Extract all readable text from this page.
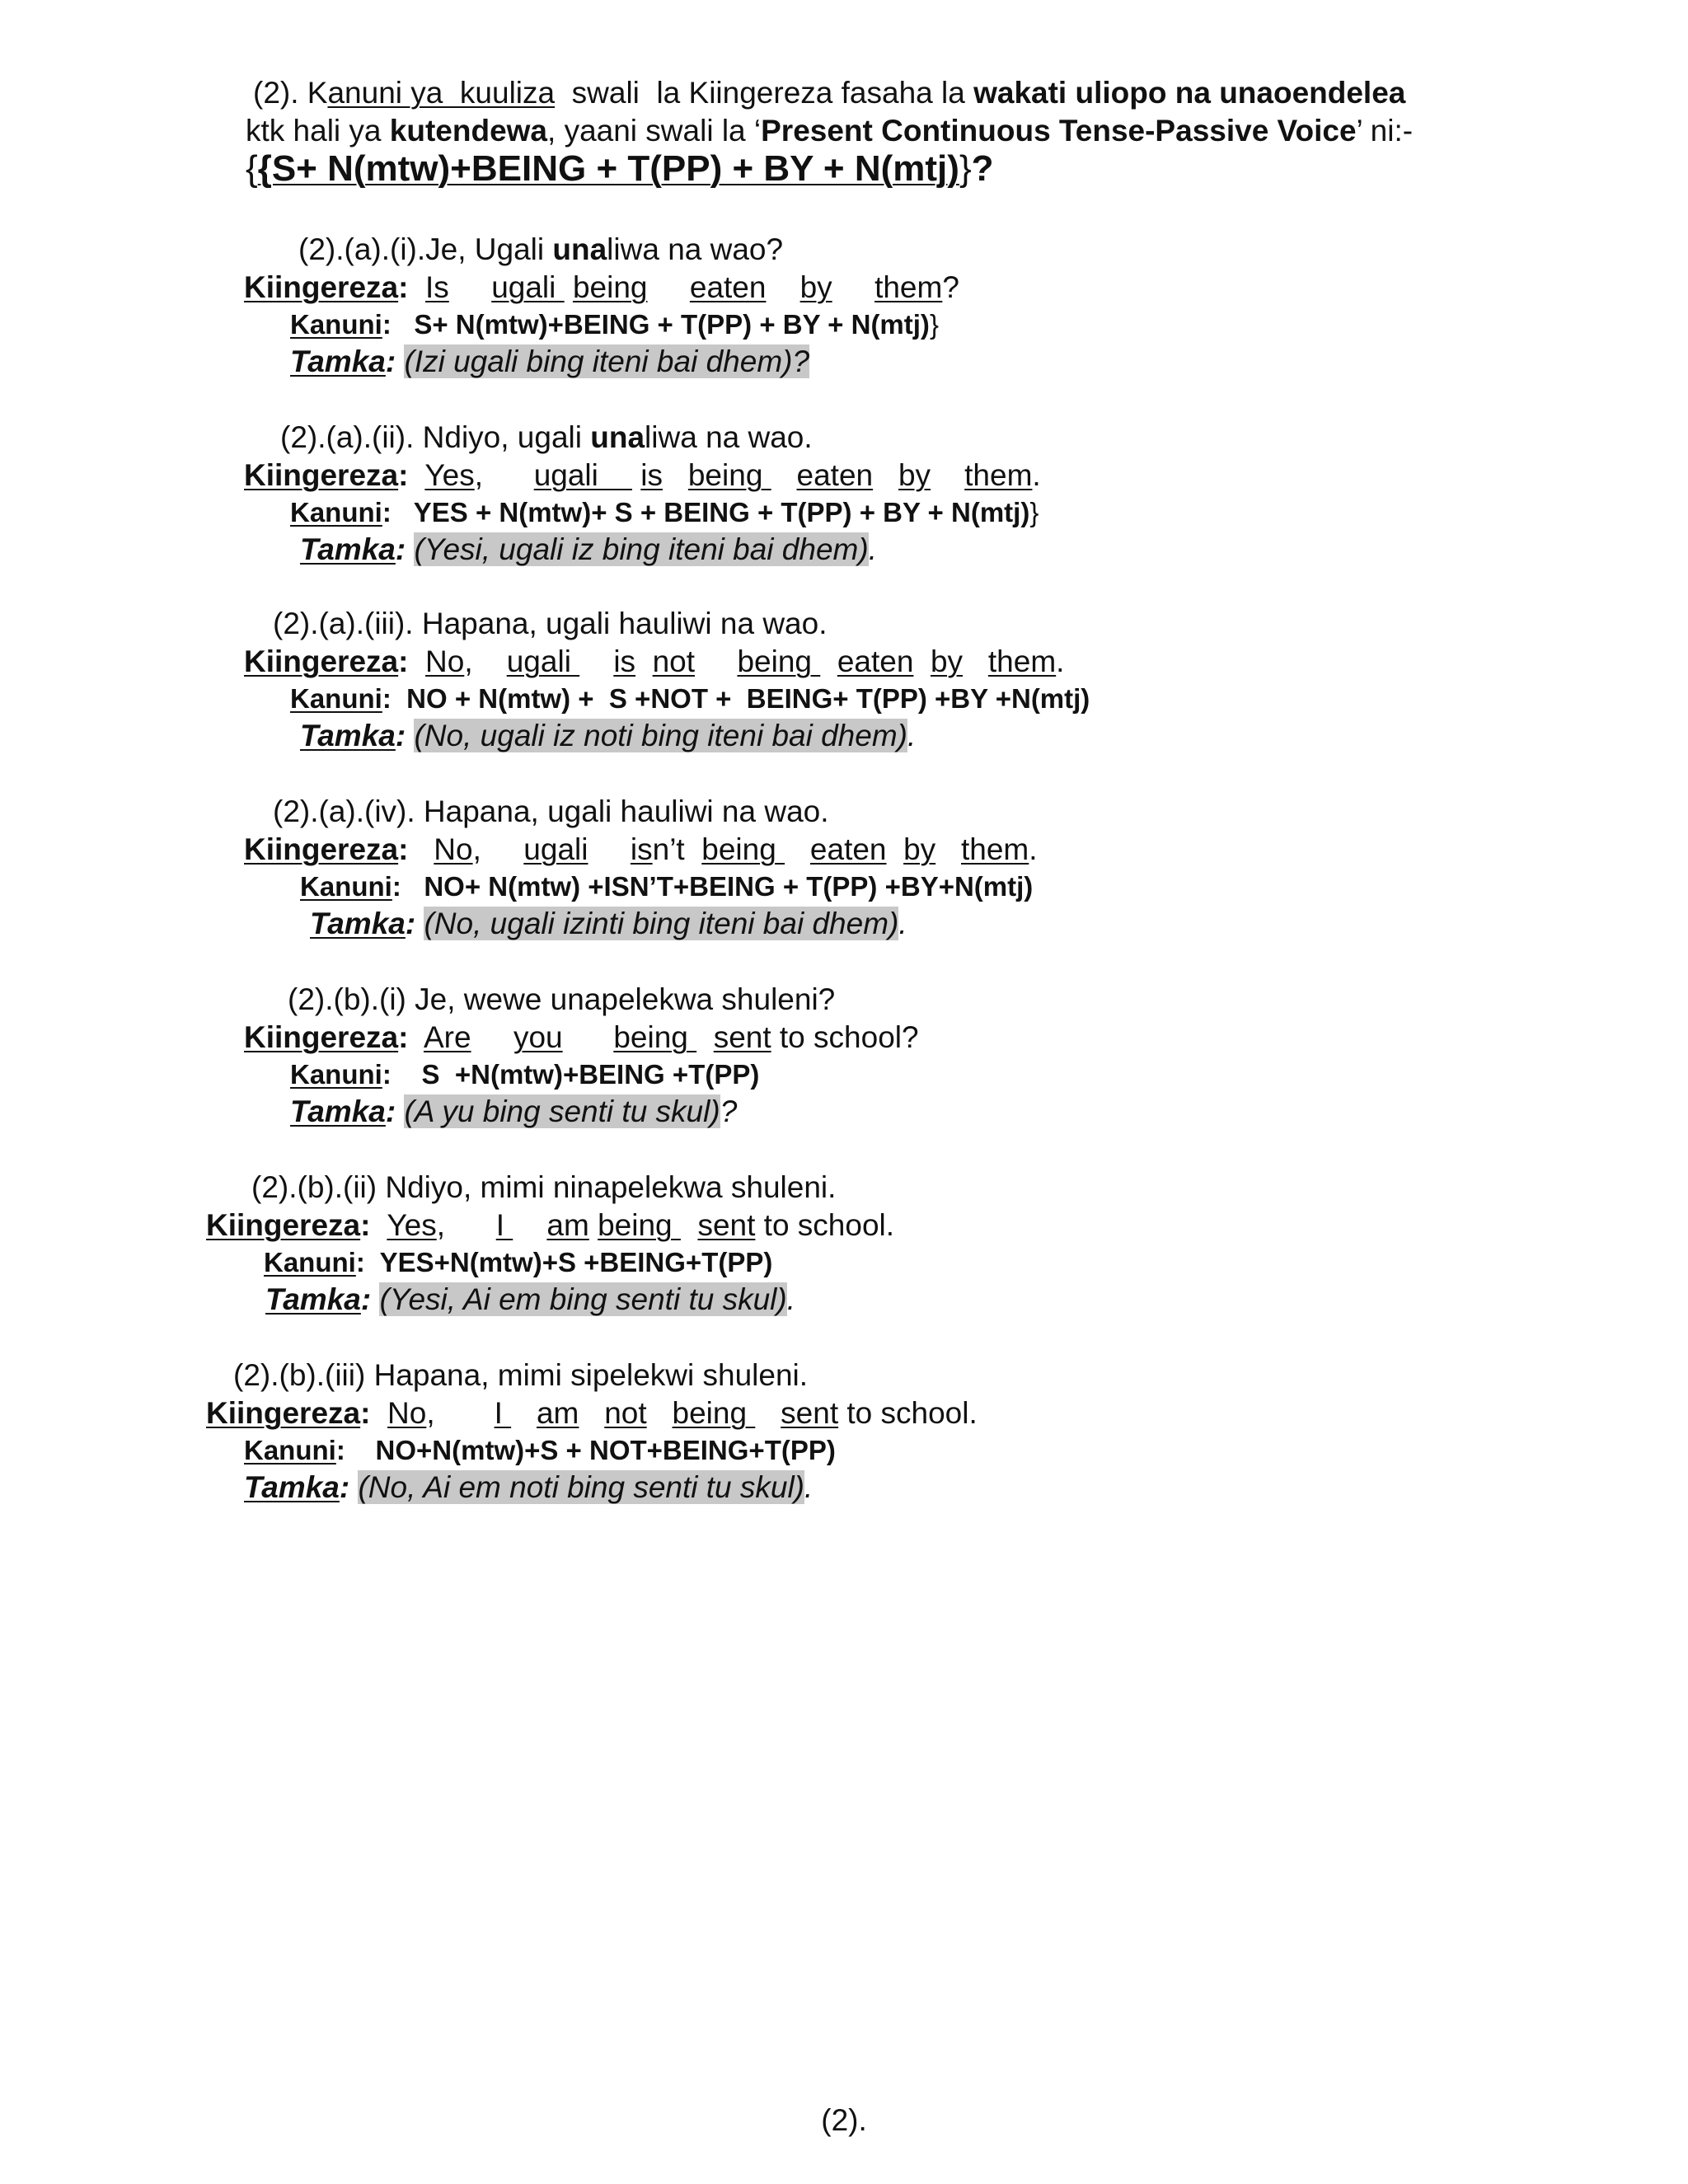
(2). Kanuni ya  kuuliza  swali  la Kiingereza fasaha la wakati uliopo na unaoendelea
ktk hali ya kutendewa, yaani swali la ‘Present Continuous Tense-Passive Voice’ ni:-
{{S+ N(mtw)+BEING + T(PP) + BY + N(mtj)}?
(2).(a).(i).Je, Ugali unaliwa na wao?
Kiingereza: Is ugali  being eaten by them?
Kanuni: S+ N(mtw)+BEING + T(PP) + BY + N(mtj)}
Tamka: (Izi ugali bing iteni bai dhem)?
(2).(a).(ii). Ndiyo, ugali unaliwa na wao.
Kiingereza: Yes, ugali     is being    eaten by them.
Kanuni: YES + N(mtw)+ S + BEING + T(PP) + BY + N(mtj)}
Tamka: (Yesi, ugali iz bing iteni bai dhem).
(2).(a).(iii). Hapana, ugali hauliwi na wao.
Kiingereza: No, ugali     is not being   eaten by them.
Kanuni: NO + N(mtw) +  S +NOT +  BEING+ T(PP) +BY +N(mtj)
Tamka: (No, ugali iz noti bing iteni bai dhem).
(2).(a).(iv). Hapana, ugali hauliwi na wao.
Kiingereza: No, ugali isn’t being    eaten by them.
Kanuni: NO+ N(mtw) +ISN’T+BEING + T(PP) +BY+N(mtj)
Tamka: (No, ugali izinti bing iteni bai dhem).
(2).(b).(i) Je, wewe unapelekwa shuleni?
Kiingereza: Are you being   sent to school?
Kanuni: S  +N(mtw)+BEING +T(PP)
Tamka: (A yu bing senti tu skul)?
(2).(b).(ii) Ndiyo, mimi ninapelekwa shuleni.
Kiingereza: Yes, I     am being   sent to school.
Kanuni: YES+N(mtw)+S +BEING+T(PP)
Tamka: (Yesi, Ai em bing senti tu skul).
(2).(b).(iii) Hapana, mimi sipelekwi shuleni.
Kiingereza: No, I    am not being    sent to school.
Kanuni: NO+N(mtw)+S + NOT+BEING+T(PP)
Tamka: (No, Ai em noti bing senti tu skul).
(2).
